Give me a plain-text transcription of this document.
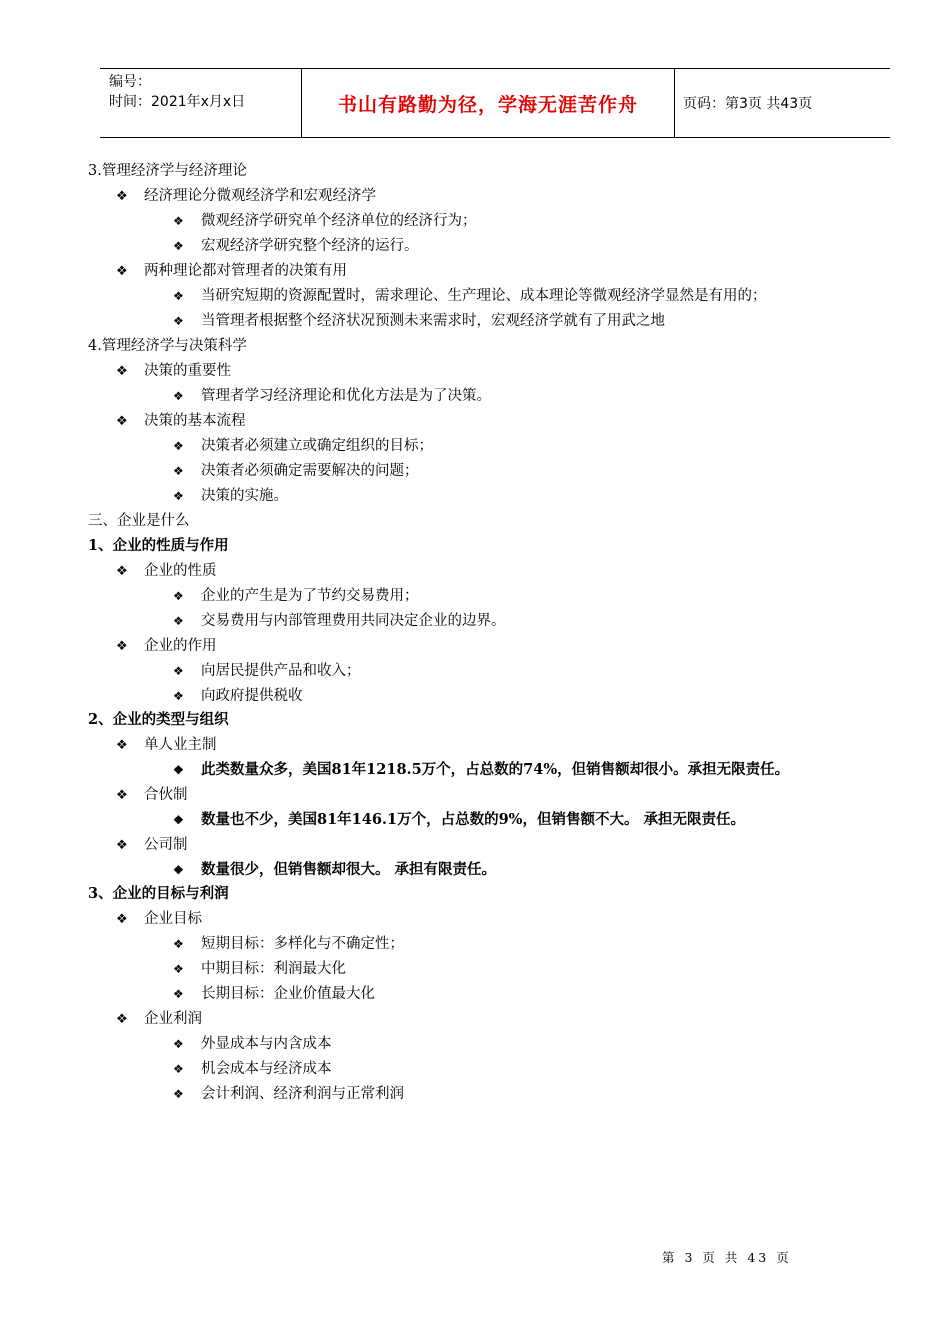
编号：
时间：2021年x月x日	书山有路勤为径，学海无涯苦作舟	页码：第3页 共43页
3.管理经济学与经济理论
❖ 经济理论分微观经济学和宏观经济学
❖ 微观经济学研究单个经济单位的经济行为；
❖ 宏观经济学研究整个经济的运行。
❖ 两种理论都对管理者的决策有用
❖ 当研究短期的资源配置时，需求理论、生产理论、成本理论等微观经济学显然是有用的；
❖ 当管理者根据整个经济状况预测未来需求时，宏观经济学就有了用武之地
4.管理经济学与决策科学
❖ 决策的重要性
❖ 管理者学习经济理论和优化方法是为了决策。
❖ 决策的基本流程
❖ 决策者必须建立或确定组织的目标；
❖ 决策者必须确定需要解决的问题；
❖ 决策的实施。
三、企业是什么
1、企业的性质与作用
❖ 企业的性质
❖ 企业的产生是为了节约交易费用；
❖ 交易费用与内部管理费用共同决定企业的边界。
❖ 企业的作用
❖ 向居民提供产品和收入；
❖ 向政府提供税收
2、企业的类型与组织
❖ 单人业主制
❖ 此类数量众多，美国81年1218.5万个，占总数的74%，但销售额却很小。承担无限责任。
❖ 合伙制
❖ 数量也不少，美国81年146.1万个，占总数的9%，但销售额不大。 承担无限责任。
❖ 公司制
❖ 数量很少，但销售额却很大。 承担有限责任。
3、企业的目标与利润
❖ 企业目标
❖ 短期目标：多样化与不确定性；
❖ 中期目标：利润最大化
❖ 长期目标：企业价值最大化
❖ 企业利润
❖ 外显成本与内含成本
❖ 机会成本与经济成本
❖ 会计利润、经济利润与正常利润
第 3 页 共 43 页
